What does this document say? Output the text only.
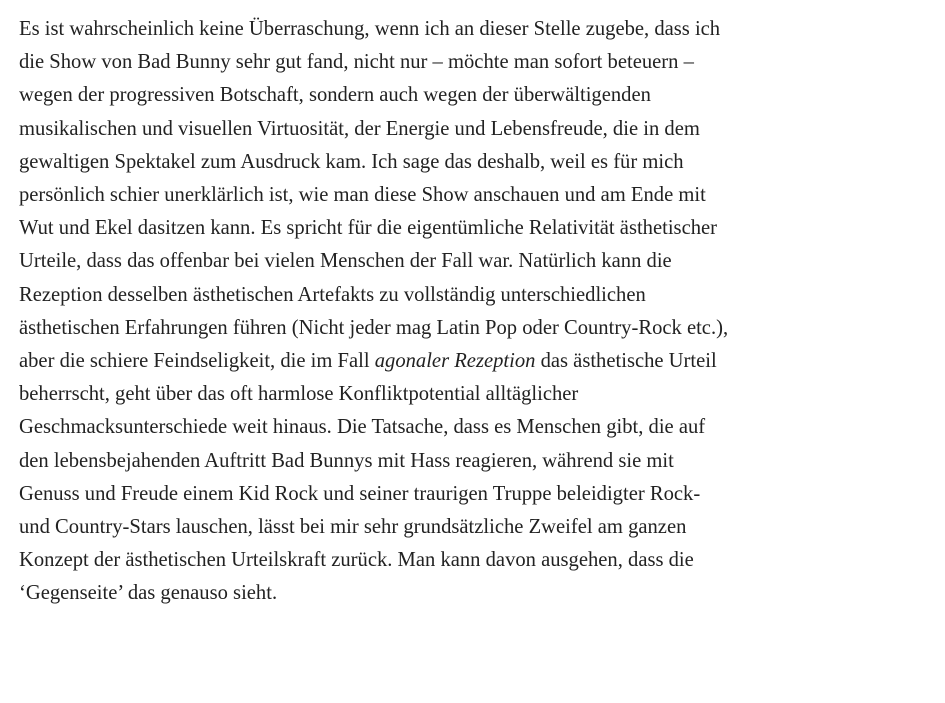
Es ist wahrscheinlich keine Überraschung, wenn ich an dieser Stelle zugebe, dass ich
die Show von Bad Bunny sehr gut fand, nicht nur – möchte man sofort beteuern –
wegen der progressiven Botschaft, sondern auch wegen der überwältigenden
musikalischen und visuellen Virtuosität, der Energie und Lebensfreude, die in dem
gewaltigen Spektakel zum Ausdruck kam. Ich sage das deshalb, weil es für mich
persönlich schier unerklärlich ist, wie man diese Show anschauen und am Ende mit
Wut und Ekel dasitzen kann. Es spricht für die eigentümliche Relativität ästhetischer
Urteile, dass das offenbar bei vielen Menschen der Fall war. Natürlich kann die
Rezeption desselben ästhetischen Artefakts zu vollständig unterschiedlichen
ästhetischen Erfahrungen führen (Nicht jeder mag Latin Pop oder Country-Rock etc.),
aber die schiere Feindseligkeit, die im Fall agonaler Rezeption das ästhetische Urteil
beherrscht, geht über das oft harmlose Konfliktpotential alltäglicher
Geschmacksunterschiede weit hinaus. Die Tatsache, dass es Menschen gibt, die auf
den lebensbejahenden Auftritt Bad Bunnys mit Hass reagieren, während sie mit
Genuss und Freude einem Kid Rock und seiner traurigen Truppe beleidigter Rock-
und Country-Stars lauschen, lässt bei mir sehr grundsätzliche Zweifel am ganzen
Konzept der ästhetischen Urteilskraft zurück. Man kann davon ausgehen, dass die
‘Gegenseite’ das genauso sieht.
